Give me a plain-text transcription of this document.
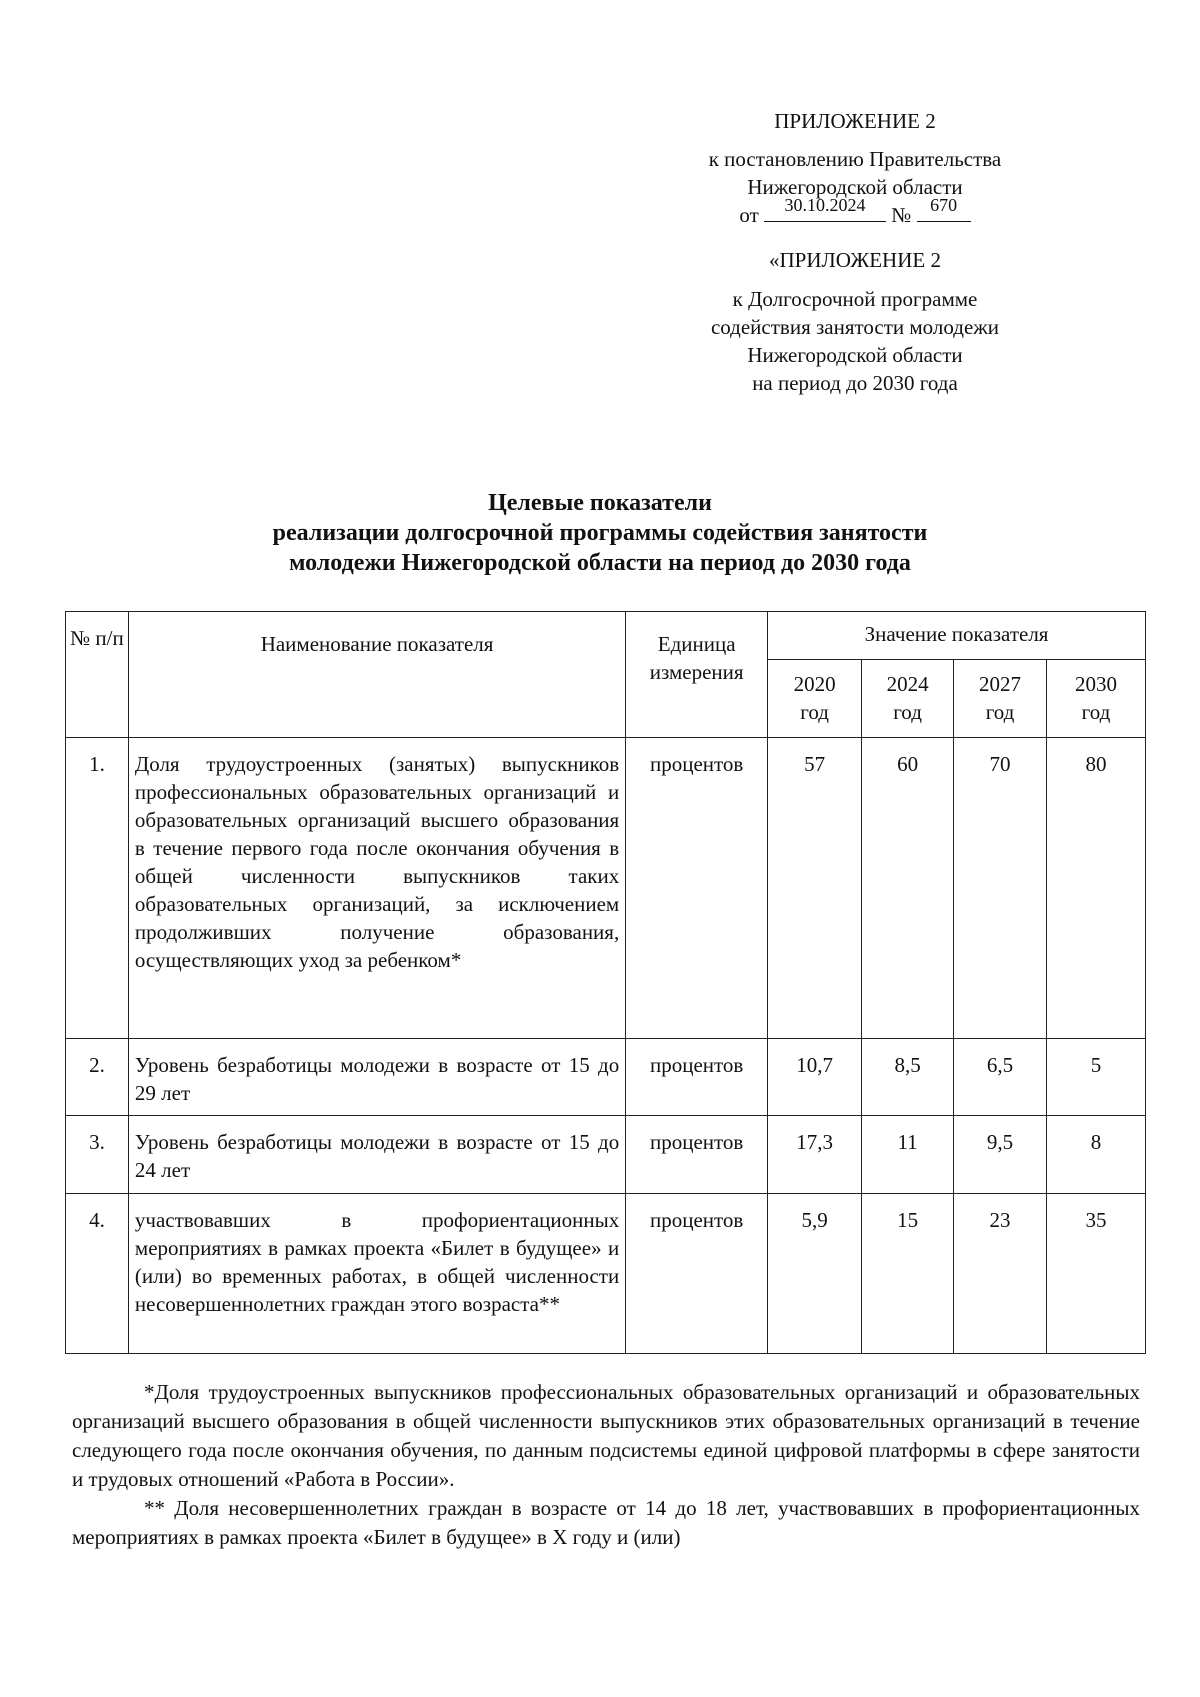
ПРИЛОЖЕНИЕ 2
к постановлению Правительства
Нижегородской области
от	30.10.2024	№	670
«ПРИЛОЖЕНИЕ 2
к Долгосрочной программе
содействия занятости молодежи
Нижегородской области
на период до 2030 года
Целевые показатели
реализации долгосрочной программы содействия занятости
молодежи Нижегородской области на период до 2030 года
№ п/п	Наименование показателя	Единица измерения	Значение показателя			
			2020 год	2024 год	2027 год	2030 год
1.	Доля трудоустроенных (занятых) выпускников профессиональных образовательных организаций и образовательных организаций высшего образования в течение первого года после окончания обучения в общей численности выпускников таких образовательных организаций, за исключением продолживших получение образования, осуществляющих уход за ребенком*	процентов	57	60	70	80
2.	Уровень безработицы молодежи в возрасте от 15 до 29 лет	процентов	10,7	8,5	6,5	5
3.	Уровень безработицы молодежи в возрасте от 15 до 24 лет	процентов	17,3	11	9,5	8
4.	участвовавших в профориентационных мероприятиях в рамках проекта «Билет в будущее» и (или) во временных работах, в общей численности несовершеннолетних граждан этого возраста**	процентов	5,9	15	23	35

*Доля трудоустроенных выпускников профессиональных образовательных организаций и образовательных организаций высшего образования в общей численности выпускников этих образовательных организаций в течение следующего года после окончания обучения, по данным подсистемы единой цифровой платформы в сфере занятости и трудовых отношений «Работа в России».

** Доля несовершеннолетних граждан в возрасте от 14 до 18 лет, участвовавших в профориентационных мероприятиях в рамках проекта «Билет в будущее» в Х году и (или)
